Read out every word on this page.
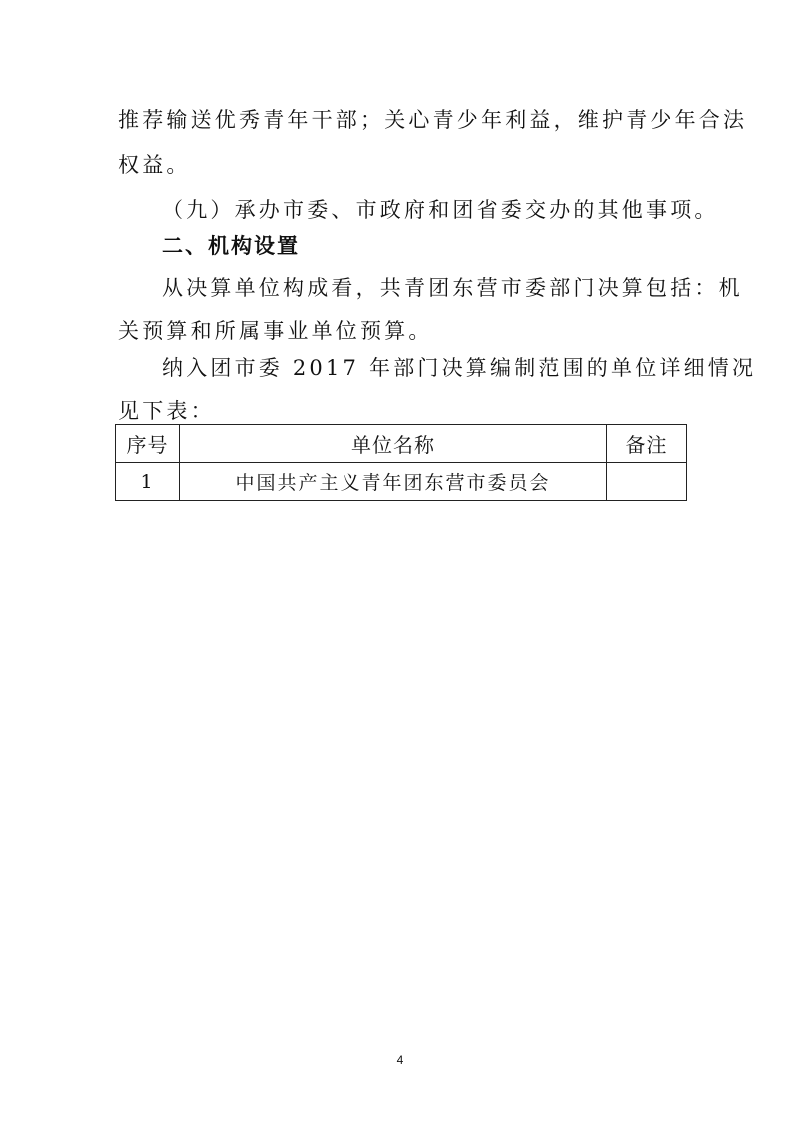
推荐输送优秀青年干部；关心青少年利益，维护青少年合法
权益。
（九）承办市委、市政府和团省委交办的其他事项。
二、机构设置
从决算单位构成看，共青团东营市委部门决算包括：机
关预算和所属事业单位预算。
纳入团市委 2017 年部门决算编制范围的单位详细情况
见下表：
序号	单位名称	备注
1	中国共产主义青年团东营市委员会	
4
